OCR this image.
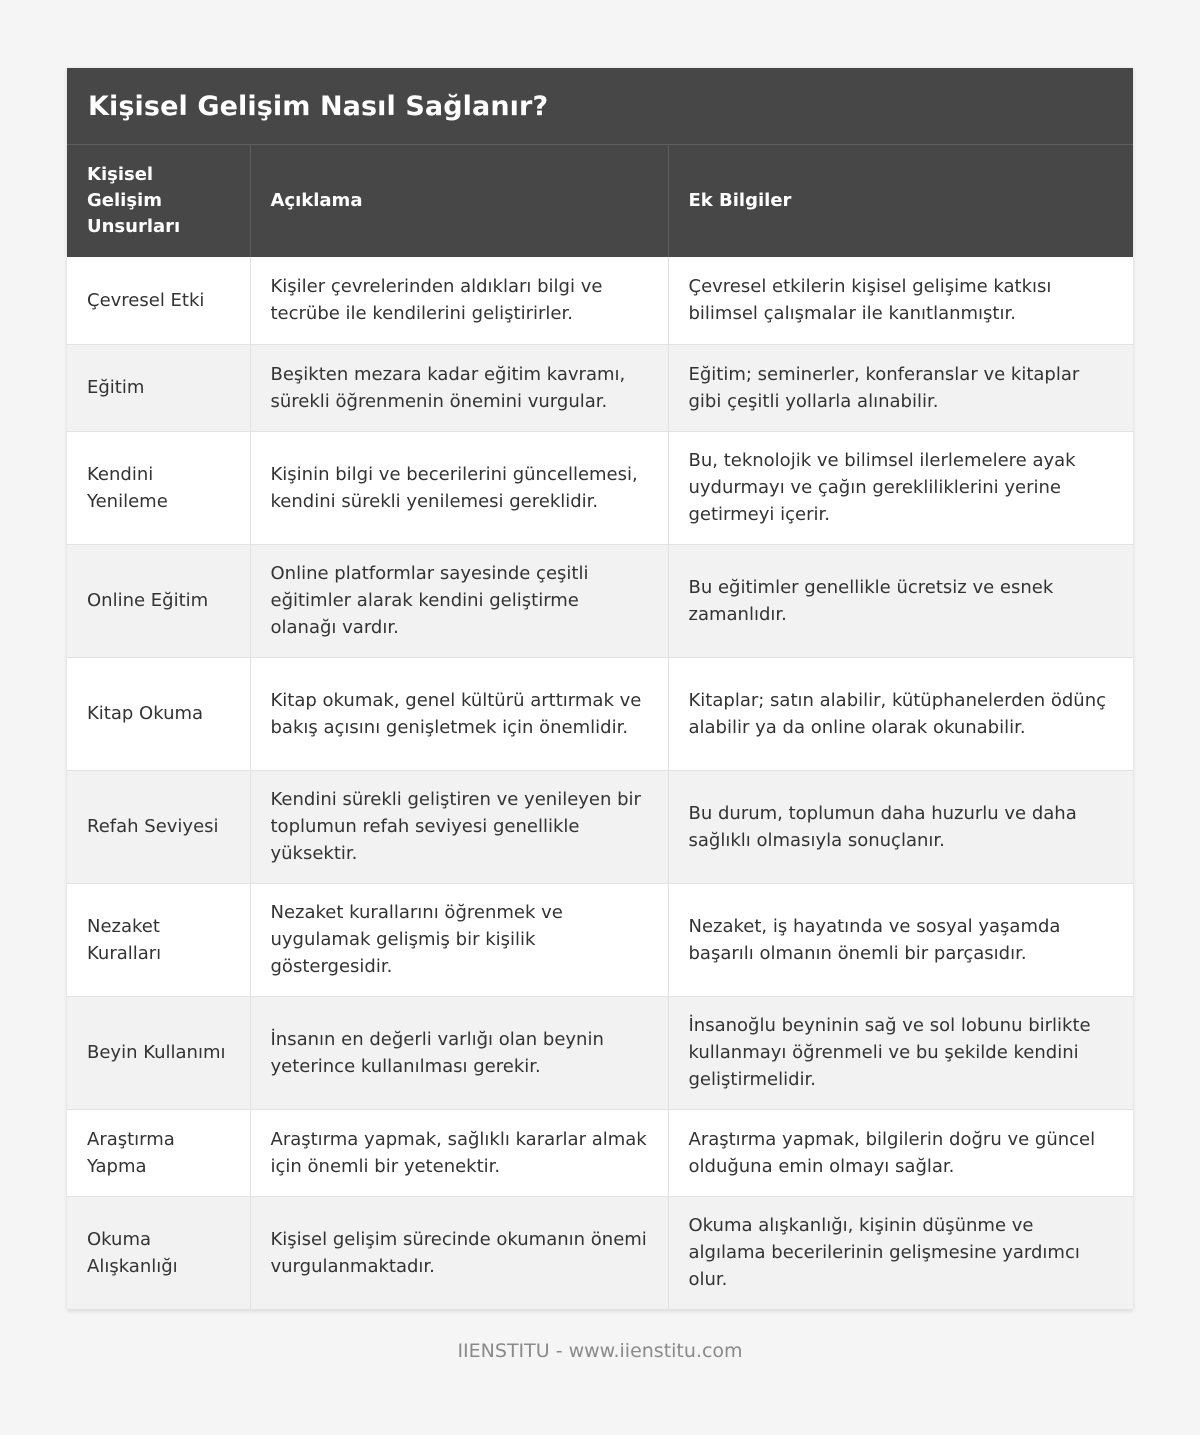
Kişisel Gelişim Nasıl Sağlanır?
Kişisel Gelişim Unsurları	Açıklama	Ek Bilgiler
Çevresel Etki	Kişiler çevrelerinden aldıkları bilgi ve tecrübe ile kendilerini geliştirirler.	Çevresel etkilerin kişisel gelişime katkısı bilimsel çalışmalar ile kanıtlanmıştır.
Eğitim	Beşikten mezara kadar eğitim kavramı, sürekli öğrenmenin önemini vurgular.	Eğitim; seminerler, konferanslar ve kitaplar gibi çeşitli yollarla alınabilir.
Kendini Yenileme	Kişinin bilgi ve becerilerini güncellemesi, kendini sürekli yenilemesi gereklidir.	Bu, teknolojik ve bilimsel ilerlemelere ayak uydurmayı ve çağın gerekliliklerini yerine getirmeyi içerir.
Online Eğitim	Online platformlar sayesinde çeşitli eğitimler alarak kendini geliştirme olanağı vardır.	Bu eğitimler genellikle ücretsiz ve esnek zamanlıdır.
Kitap Okuma	Kitap okumak, genel kültürü arttırmak ve bakış açısını genişletmek için önemlidir.	Kitaplar; satın alabilir, kütüphanelerden ödünç alabilir ya da online olarak okunabilir.
Refah Seviyesi	Kendini sürekli geliştiren ve yenileyen bir toplumun refah seviyesi genellikle yüksektir.	Bu durum, toplumun daha huzurlu ve daha sağlıklı olmasıyla sonuçlanır.
Nezaket Kuralları	Nezaket kurallarını öğrenmek ve uygulamak gelişmiş bir kişilik göstergesidir.	Nezaket, iş hayatında ve sosyal yaşamda başarılı olmanın önemli bir parçasıdır.
Beyin Kullanımı	İnsanın en değerli varlığı olan beynin yeterince kullanılması gerekir.	İnsanoğlu beyninin sağ ve sol lobunu birlikte kullanmayı öğrenmeli ve bu şekilde kendini geliştirmelidir.
Araştırma Yapma	Araştırma yapmak, sağlıklı kararlar almak için önemli bir yetenektir.	Araştırma yapmak, bilgilerin doğru ve güncel olduğuna emin olmayı sağlar.
Okuma Alışkanlığı	Kişisel gelişim sürecinde okumanın önemi vurgulanmaktadır.	Okuma alışkanlığı, kişinin düşünme ve algılama becerilerinin gelişmesine yardımcı olur.
IIENSTITU - www.iienstitu.com
